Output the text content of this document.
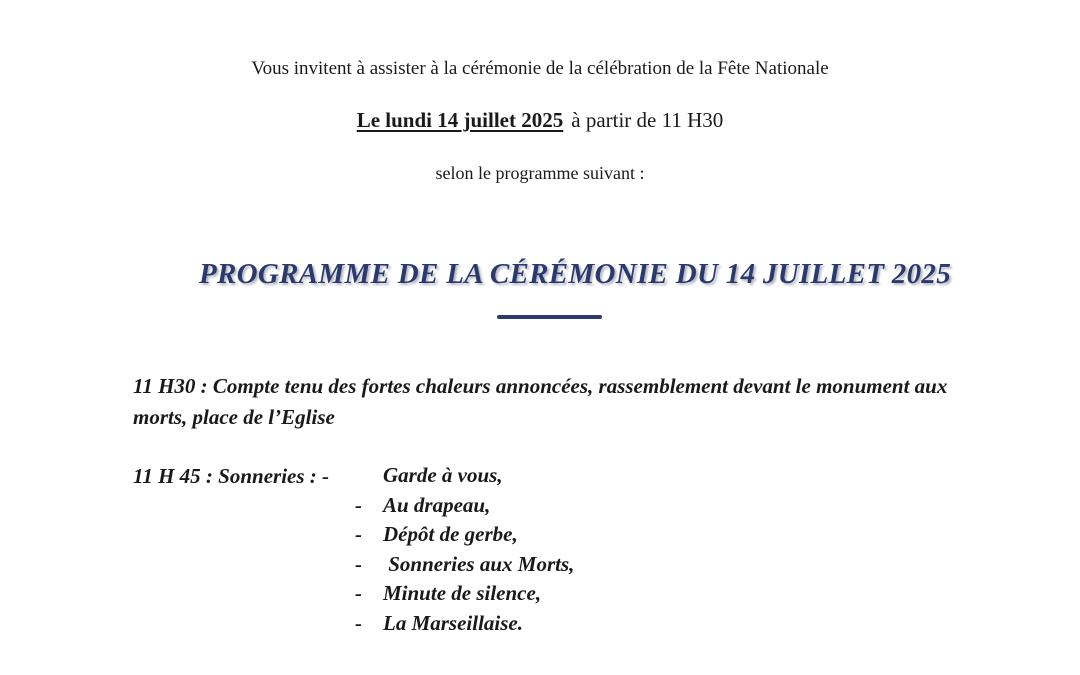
Vous invitent à assister à la cérémonie de la célébration de la Fête Nationale

Le lundi 14 juillet 2025 à partir de 11 H30

selon le programme suivant :

PROGRAMME DE LA CÉRÉMONIE DU 14 JUILLET 2025

11 H30 : Compte tenu des fortes chaleurs annoncées, rassemblement devant le monument aux morts, place de l’Eglise

11 H 45 : Sonneries : -	Garde à vous,
- Au drapeau,
- Dépôt de gerbe,
- Sonneries aux Morts,
- Minute de silence,
- La Marseillaise.
